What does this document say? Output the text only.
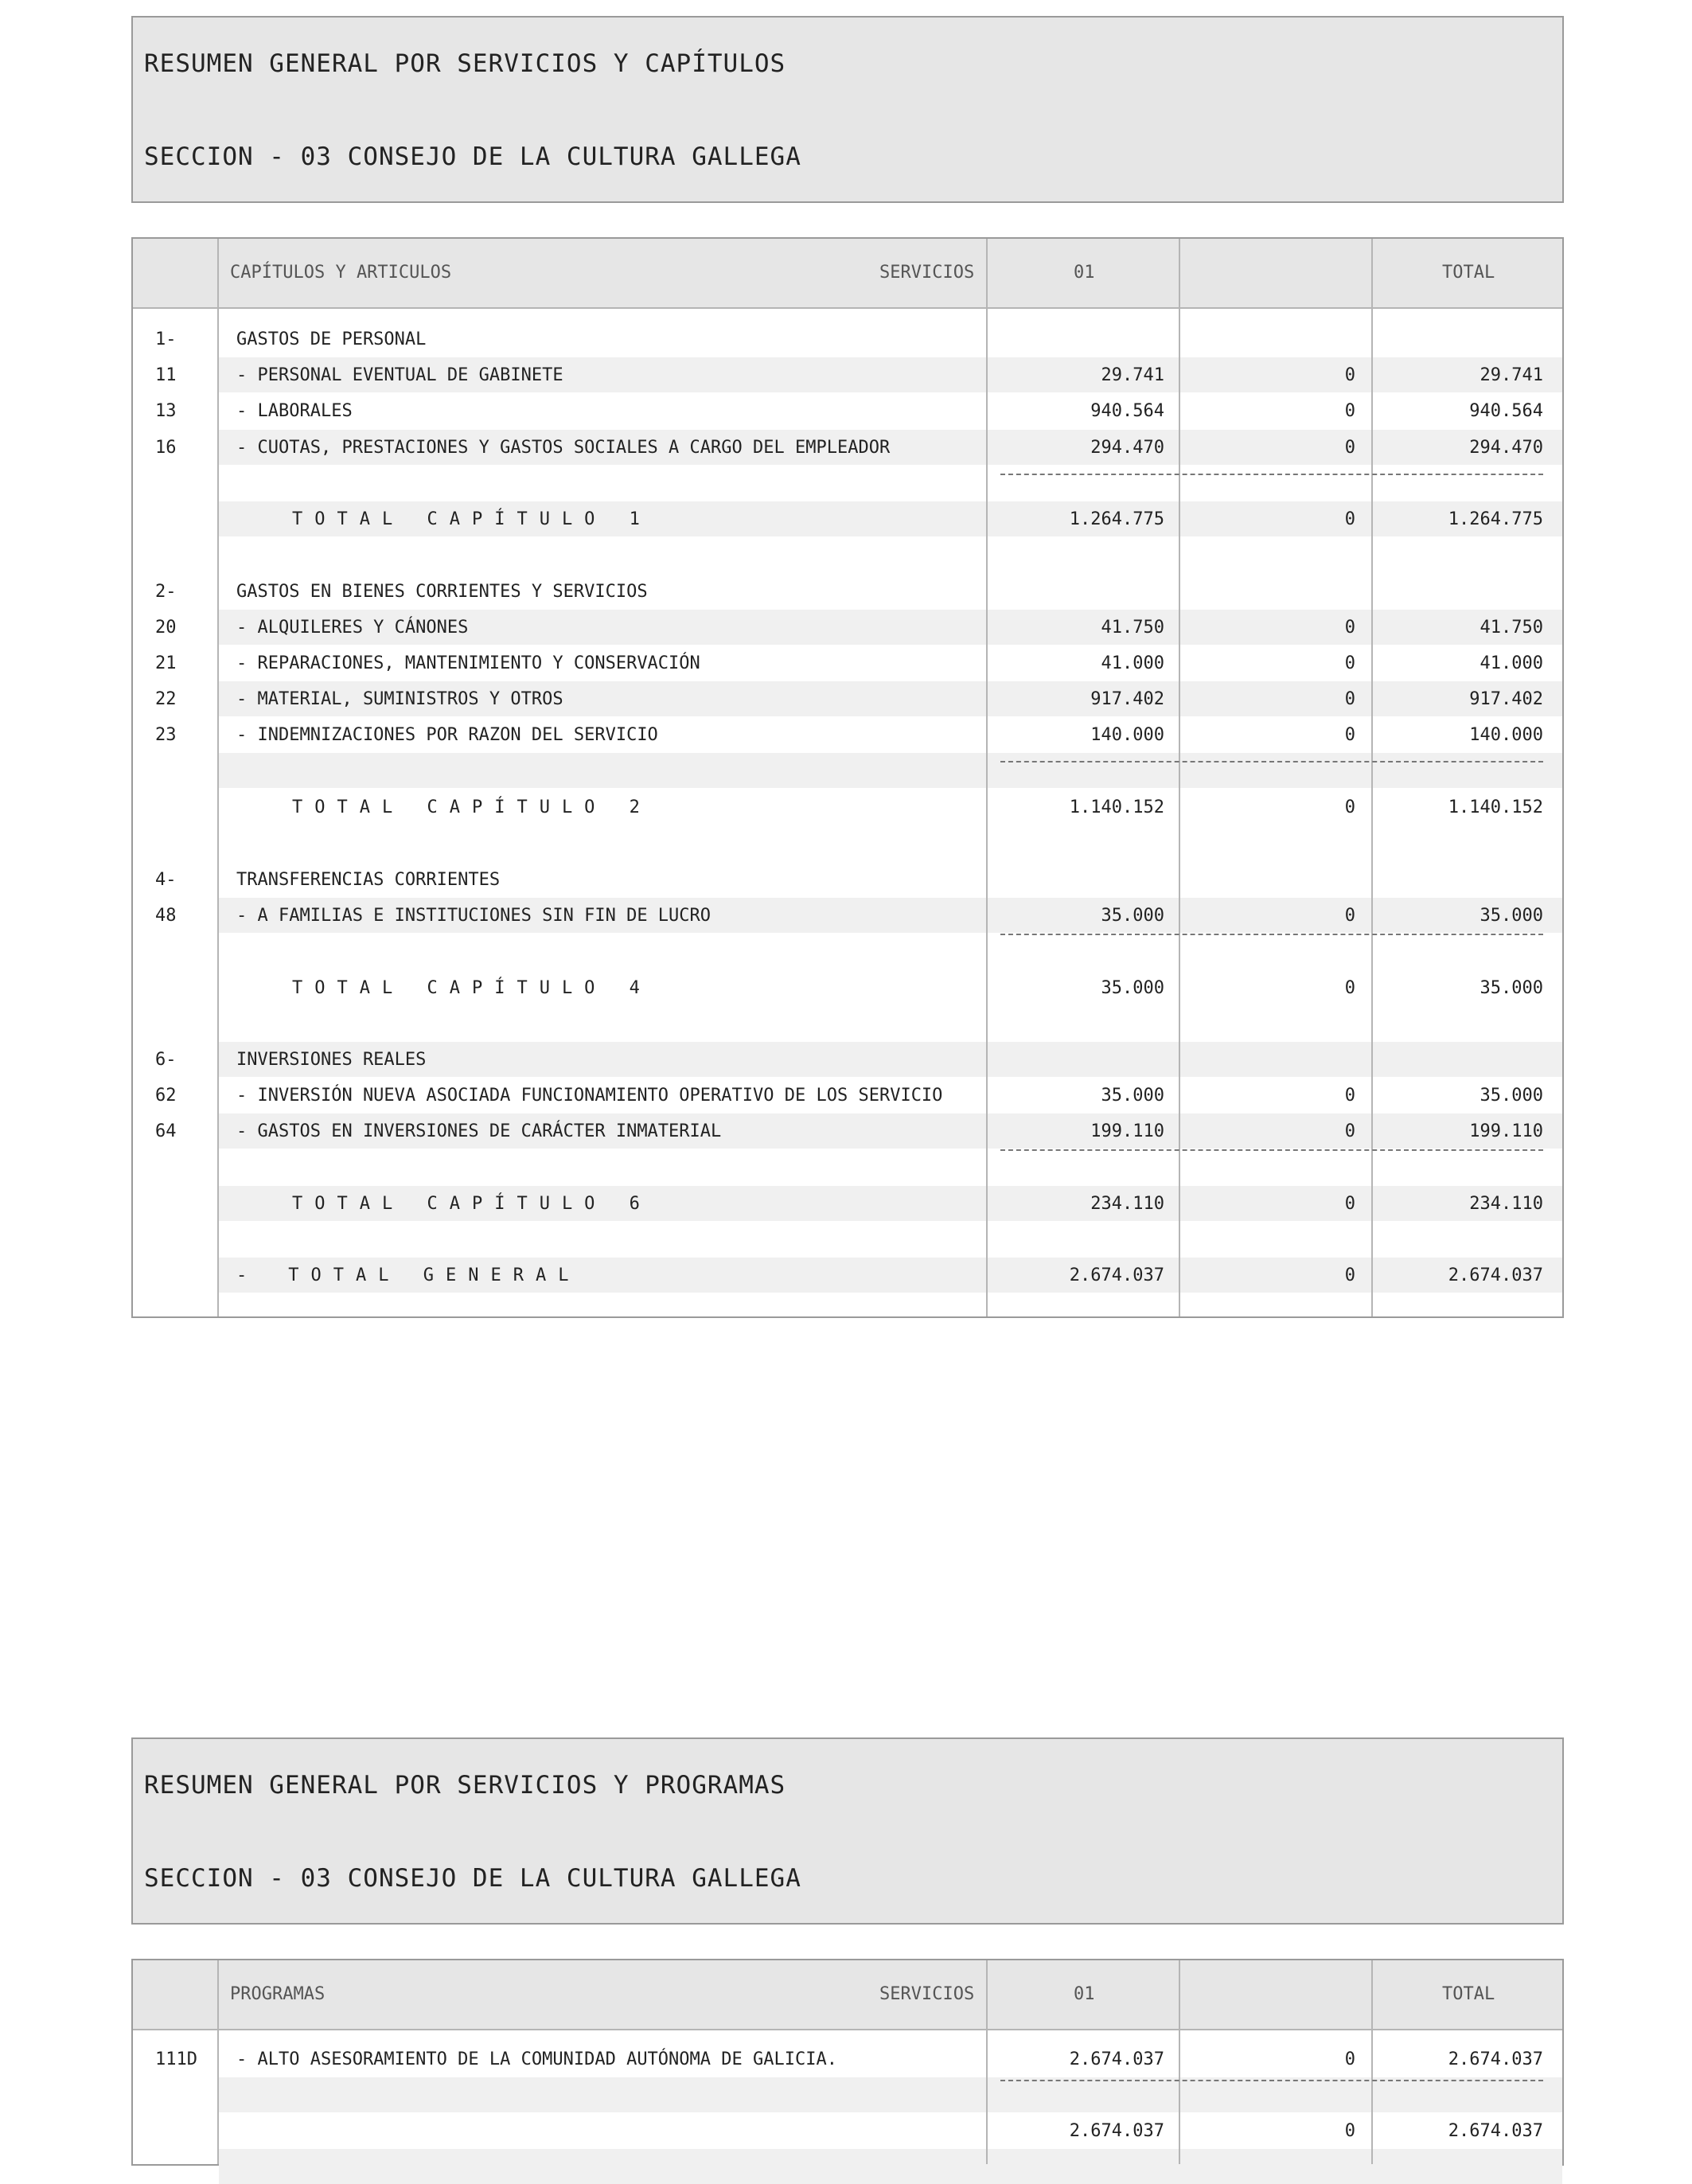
RESUMEN GENERAL POR SERVICIOS Y CAPÍTULOS
SECCION - 03 CONSEJO DE LA CULTURA GALLEGA
CAPÍTULOS Y ARTICULOS	SERVICIOS	01	TOTAL
1-	GASTOS DE PERSONAL
11	- PERSONAL EVENTUAL DE GABINETE	29.741	0	29.741
13	- LABORALES	940.564	0	940.564
16	- CUOTAS, PRESTACIONES Y GASTOS SOCIALES A CARGO DEL EMPLEADOR	294.470	0	294.470
TOTAL CAPÍTULO 1	1.264.775	0	1.264.775
2-	GASTOS EN BIENES CORRIENTES Y SERVICIOS
20	- ALQUILERES Y CÁNONES	41.750	0	41.750
21	- REPARACIONES, MANTENIMIENTO Y CONSERVACIÓN	41.000	0	41.000
22	- MATERIAL, SUMINISTROS Y OTROS	917.402	0	917.402
23	- INDEMNIZACIONES POR RAZON DEL SERVICIO	140.000	0	140.000
TOTAL CAPÍTULO 2	1.140.152	0	1.140.152
4-	TRANSFERENCIAS CORRIENTES
48	- A FAMILIAS E INSTITUCIONES SIN FIN DE LUCRO	35.000	0	35.000
TOTAL CAPÍTULO 4	35.000	0	35.000
6-	INVERSIONES REALES
62	- INVERSIÓN NUEVA ASOCIADA FUNCIONAMIENTO OPERATIVO DE LOS SERVICIO	35.000	0	35.000
64	- GASTOS EN INVERSIONES DE CARÁCTER INMATERIAL	199.110	0	199.110
TOTAL CAPÍTULO 6	234.110	0	234.110
- TOTAL GENERAL	2.674.037	0	2.674.037
RESUMEN GENERAL POR SERVICIOS Y PROGRAMAS
SECCION - 03 CONSEJO DE LA CULTURA GALLEGA
PROGRAMAS	SERVICIOS	01	TOTAL
111D - ALTO ASESORAMIENTO DE LA COMUNIDAD AUTÓNOMA DE GALICIA.	2.674.037	0	2.674.037
2.674.037	0	2.674.037
